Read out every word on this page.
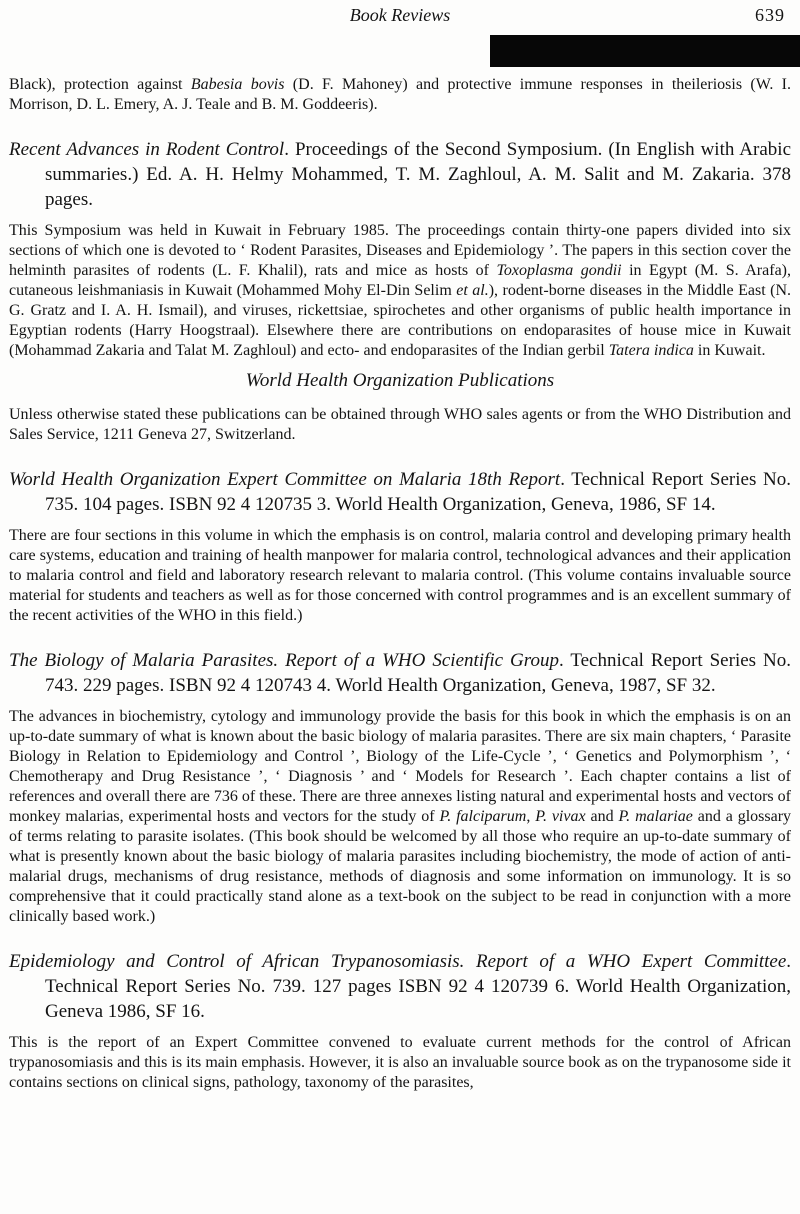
Book Reviews	639

Black), protection against Babesia bovis (D. F. Mahoney) and protective immune responses in theileriosis (W. I. Morrison, D. L. Emery, A. J. Teale and B. M. Goddeeris).

Recent Advances in Rodent Control. Proceedings of the Second Symposium. (In English with Arabic summaries.) Ed. A. H. Helmy Mohammed, T. M. Zaghloul, A. M. Salit and M. Zakaria. 378 pages.

This Symposium was held in Kuwait in February 1985. The proceedings contain thirty-one papers divided into six sections of which one is devoted to ‘ Rodent Parasites, Diseases and Epidemiology ’. The papers in this section cover the helminth parasites of rodents (L. F. Khalil), rats and mice as hosts of Toxoplasma gondii in Egypt (M. S. Arafa), cutaneous leishmaniasis in Kuwait (Mohammed Mohy El-Din Selim et al.), rodent-borne diseases in the Middle East (N. G. Gratz and I. A. H. Ismail), and viruses, rickettsiae, spirochetes and other organisms of public health importance in Egyptian rodents (Harry Hoogstraal). Elsewhere there are contributions on endoparasites of house mice in Kuwait (Mohammad Zakaria and Talat M. Zaghloul) and ecto- and endoparasites of the Indian gerbil Tatera indica in Kuwait.

World Health Organization Publications

Unless otherwise stated these publications can be obtained through WHO sales agents or from the WHO Distribution and Sales Service, 1211 Geneva 27, Switzerland.

World Health Organization Expert Committee on Malaria 18th Report. Technical Report Series No. 735. 104 pages. ISBN 92 4 120735 3. World Health Organization, Geneva, 1986, SF 14.

There are four sections in this volume in which the emphasis is on control, malaria control and developing primary health care systems, education and training of health manpower for malaria control, technological advances and their application to malaria control and field and laboratory research relevant to malaria control. (This volume contains invaluable source material for students and teachers as well as for those concerned with control programmes and is an excellent summary of the recent activities of the WHO in this field.)

The Biology of Malaria Parasites. Report of a WHO Scientific Group. Technical Report Series No. 743. 229 pages. ISBN 92 4 120743 4. World Health Organization, Geneva, 1987, SF 32.

The advances in biochemistry, cytology and immunology provide the basis for this book in which the emphasis is on an up-to-date summary of what is known about the basic biology of malaria parasites. There are six main chapters, ‘ Parasite Biology in Relation to Epidemiology and Control ’, Biology of the Life-Cycle ’, ‘ Genetics and Polymorphism ’, ‘ Chemotherapy and Drug Resistance ’, ‘ Diagnosis ’ and ‘ Models for Research ’. Each chapter contains a list of references and overall there are 736 of these. There are three annexes listing natural and experimental hosts and vectors of monkey malarias, experimental hosts and vectors for the study of P. falciparum, P. vivax and P. malariae and a glossary of terms relating to parasite isolates. (This book should be welcomed by all those who require an up-to-date summary of what is presently known about the basic biology of malaria parasites including biochemistry, the mode of action of anti-malarial drugs, mechanisms of drug resistance, methods of diagnosis and some information on immunology. It is so comprehensive that it could practically stand alone as a text-book on the subject to be read in conjunction with a more clinically based work.)

Epidemiology and Control of African Trypanosomiasis. Report of a WHO Expert Committee. Technical Report Series No. 739. 127 pages ISBN 92 4 120739 6. World Health Organization, Geneva 1986, SF 16.

This is the report of an Expert Committee convened to evaluate current methods for the control of African trypanosomiasis and this is its main emphasis. However, it is also an invaluable source book as on the trypanosome side it contains sections on clinical signs, pathology, taxonomy of the parasites,
